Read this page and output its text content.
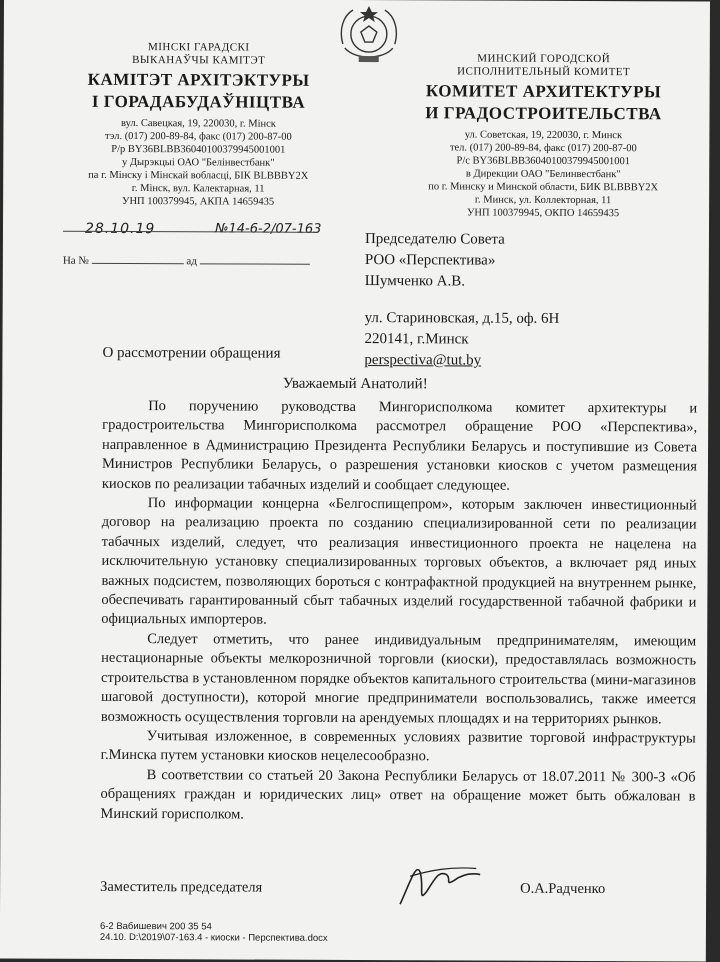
МІНСКІ ГАРАДСКІ
ВЫКАНАЎЧЫ КАМІТЭТ
КАМІТЭТ АРХІТЭКТУРЫ
І ГОРАДАБУДАЎНІЦТВА
вул. Савецкая, 19, 220030, г. Мінск
тэл. (017) 200-89-84, факс (017) 200-87-00
Р/р BY36BLBB36040100379945001001
у Дырэкцыі ОАО "Белінвестбанк"
па г. Мінску і Мінскай вобласці, БІК BLBBBY2X
г. Мінск, вул. Калектарная, 11
УНП 100379945, АКПА 14659435
МИНСКИЙ ГОРОДСКОЙ
ИСПОЛНИТЕЛЬНЫЙ КОМИТЕТ
КОМИТЕТ АРХИТЕКТУРЫ
И ГРАДОСТРОИТЕЛЬСТВА
ул. Советская, 19, 220030, г. Минск
тел. (017) 200-89-84, факс (017) 200-87-00
Р/с BY36BLBB36040100379945001001
в Дирекции ОАО "Белинвестбанк"
по г. Минску и Минской области, БИК BLBBBY2X
г. Минск, ул. Коллекторная, 11
УНП 100379945, ОКПО 14659435
28.10.19	№14-6-2/07-163
На №	ад
Председателю Совета
РОО «Перспектива»
Шумченко А.В.
ул. Стариновская, д.15, оф. 6Н
220141, г.Минск
perspectiva@tut.by
О рассмотрении обращения
Уважаемый Анатолий!

По поручению руководства Мингорисполкома комитет архитектуры и градостроительства Мингорисполкома рассмотрел обращение РОО «Перспектива», направленное в Администрацию Президента Республики Беларусь и поступившие из Совета Министров Республики Беларусь, о разрешения установки киосков с учетом размещения киосков по реализации табачных изделий и сообщает следующее.

По информации концерна «Белгоспищепром», которым заключен инвестиционный договор на реализацию проекта по созданию специализированной сети по реализации табачных изделий, следует, что реализация инвестиционного проекта не нацелена на исключительную установку специализированных торговых объектов, а включает ряд иных важных подсистем, позволяющих бороться с контрафактной продукцией на внутреннем рынке, обеспечивать гарантированный сбыт табачных изделий государственной табачной фабрики и официальных импортеров.

Следует отметить, что ранее индивидуальным предпринимателям, имеющим нестационарные объекты мелкорозничной торговли (киоски), предоставлялась возможность строительства в установленном порядке объектов капитального строительства (мини-магазинов шаговой доступности), которой многие предприниматели воспользовались, также имеется возможность осуществления торговли на арендуемых площадях и на территориях рынков.

Учитывая изложенное, в современных условиях развитие торговой инфраструктуры г.Минска путем установки киосков нецелесообразно.

В соответствии со статьей 20 Закона Республики Беларусь от 18.07.2011 № 300-З «Об обращениях граждан и юридических лиц» ответ на обращение может быть обжалован в Минский горисполком.

Заместитель председателя	О.А.Радченко
6-2 Вабишевич 200 35 54
24.10. D:\2019\07-163.4 - киоски - Перспектива.docx
